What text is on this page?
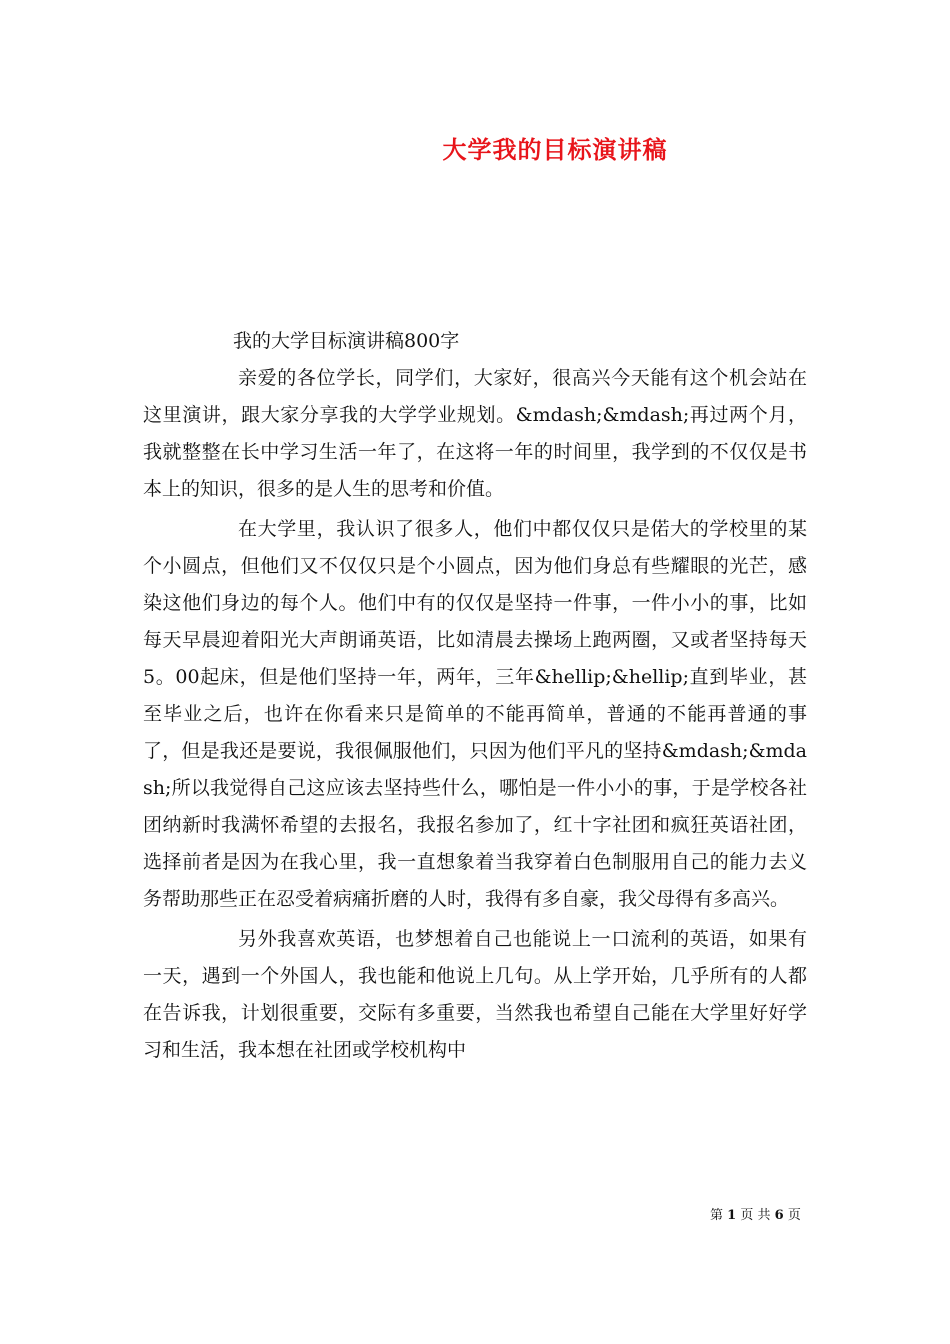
大学我的目标演讲稿

我的大学目标演讲稿800字

亲爱的各位学长，同学们，大家好，很高兴今天能有这个机会站在这里演讲，跟大家分享我的大学学业规划。&mdash;&mdash;再过两个月，我就整整在长中学习生活一年了，在这将一年的时间里，我学到的不仅仅是书本上的知识，很多的是人生的思考和价值。

在大学里，我认识了很多人，他们中都仅仅只是偌大的学校里的某个小圆点，但他们又不仅仅只是个小圆点，因为他们身总有些耀眼的光芒，感染这他们身边的每个人。他们中有的仅仅是坚持一件事，一件小小的事，比如每天早晨迎着阳光大声朗诵英语，比如清晨去操场上跑两圈，又或者坚持每天5。00起床，但是他们坚持一年，两年，三年&hellip;&hellip;直到毕业，甚至毕业之后，也许在你看来只是简单的不能再简单，普通的不能再普通的事了，但是我还是要说，我很佩服他们，只因为他们平凡的坚持&mdash;&mdash;所以我觉得自己这应该去坚持些什么，哪怕是一件小小的事，于是学校各社团纳新时我满怀希望的去报名，我报名参加了，红十字社团和疯狂英语社团，选择前者是因为在我心里，我一直想象着当我穿着白色制服用自己的能力去义务帮助那些正在忍受着病痛折磨的人时，我得有多自豪，我父母得有多高兴。

另外我喜欢英语，也梦想着自己也能说上一口流利的英语，如果有一天，遇到一个外国人，我也能和他说上几句。从上学开始，几乎所有的人都在告诉我，计划很重要，交际有多重要，当然我也希望自己能在大学里好好学习和生活，我本想在社团或学校机构中

第 1 页 共 6 页
